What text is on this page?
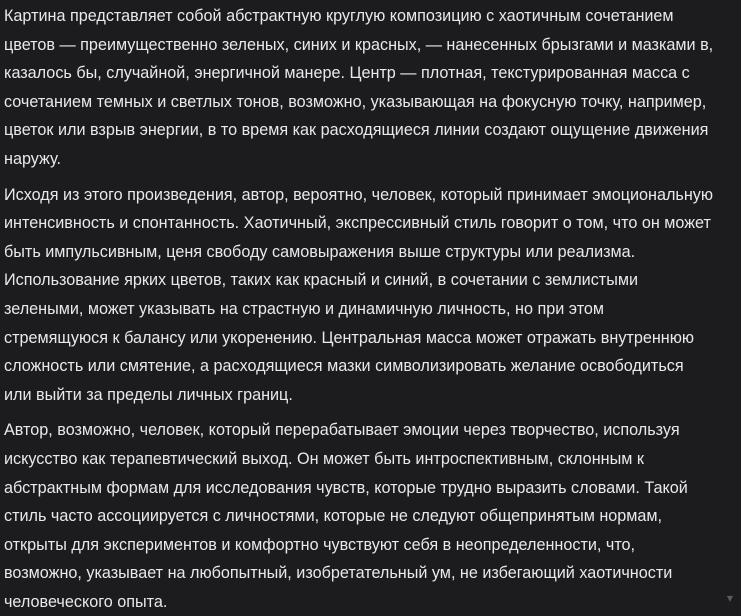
Картина представляет собой абстрактную круглую композицию с хаотичным сочетанием
цветов — преимущественно зеленых, синих и красных, — нанесенных брызгами и мазками в,
казалось бы, случайной, энергичной манере. Центр — плотная, текстурированная масса с
сочетанием темных и светлых тонов, возможно, указывающая на фокусную точку, например,
цветок или взрыв энергии, в то время как расходящиеся линии создают ощущение движения
наружу.

Исходя из этого произведения, автор, вероятно, человек, который принимает эмоциональную
интенсивность и спонтанность. Хаотичный, экспрессивный стиль говорит о том, что он может
быть импульсивным, ценя свободу самовыражения выше структуры или реализма.
Использование ярких цветов, таких как красный и синий, в сочетании с землистыми
зелеными, может указывать на страстную и динамичную личность, но при этом
стремящуюся к балансу или укоренению. Центральная масса может отражать внутреннюю
сложность или смятение, а расходящиеся мазки символизировать желание освободиться
или выйти за пределы личных границ.

Автор, возможно, человек, который перерабатывает эмоции через творчество, используя
искусство как терапевтический выход. Он может быть интроспективным, склонным к
абстрактным формам для исследования чувств, которые трудно выразить словами. Такой
стиль часто ассоциируется с личностями, которые не следуют общепринятым нормам,
открыты для экспериментов и комфортно чувствуют себя в неопределенности, что,
возможно, указывает на любопытный, изобретательный ум, не избегающий хаотичности
человеческого опыта.	▼
